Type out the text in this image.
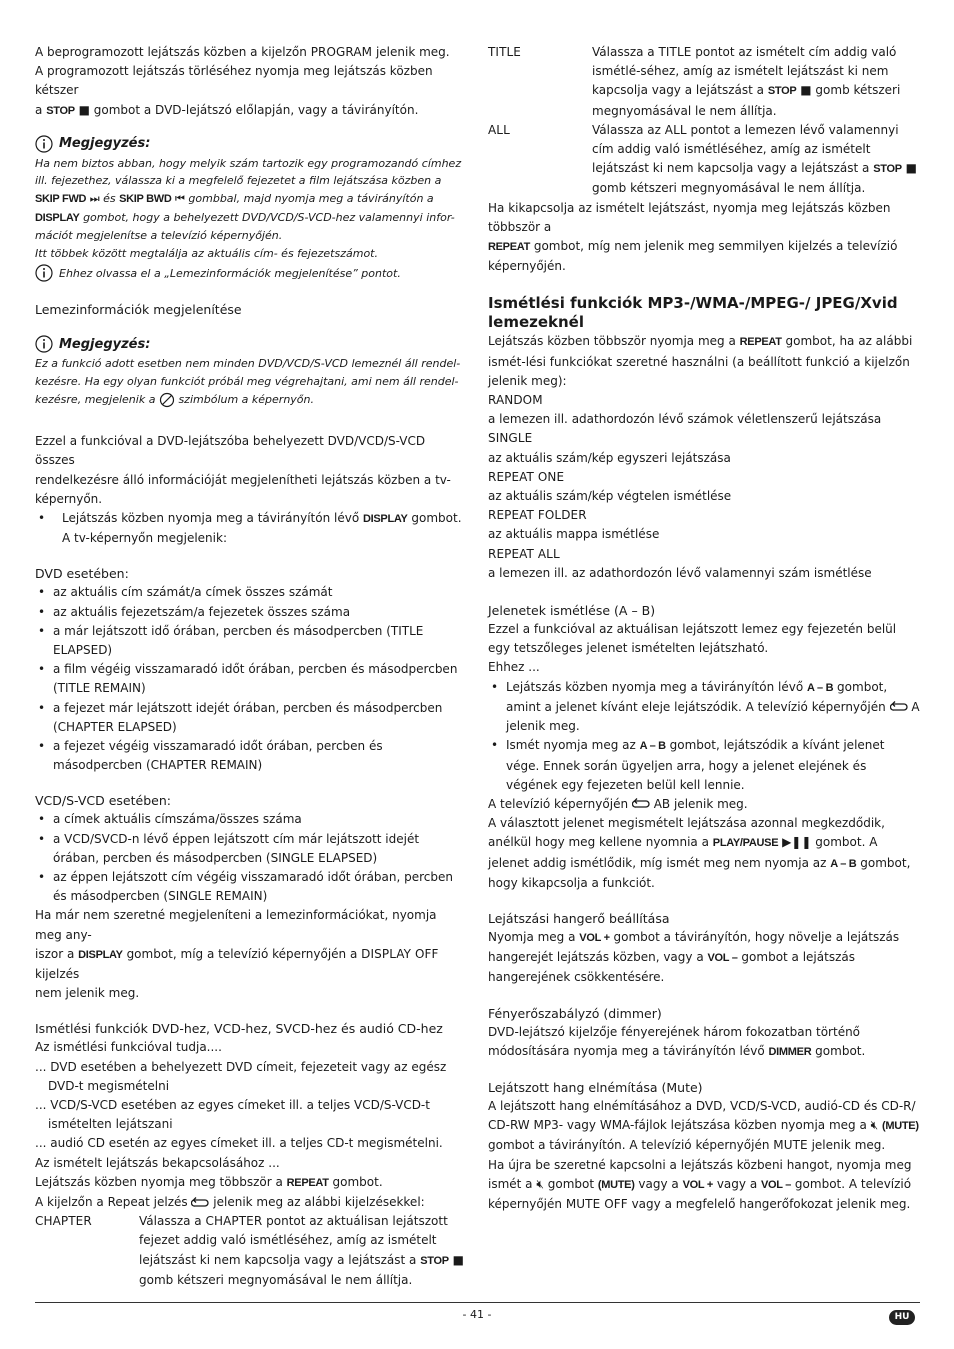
A beprogramozott lejátszás közben a kijelzőn PROGRAM jelenik meg.
A programozott lejátszás törléséhez nyomja meg lejátszás közben kétszer
a STOP ■ gombot a DVD-lejátszó előlapján, vagy a távirányítón.

Megjegyzés:
Ha nem biztos abban, hogy melyik szám tartozik egy programozandó címhez
ill. fejezethez, válassza ki a megfelelő fejezetet a film lejátszása közben a
SKIP FWD ⏭ és SKIP BWD ⏮ gombbal, majd nyomja meg a távirányítón a
DISPLAY gombot, hogy a behelyezett DVD/VCD/S-VCD-hez valamennyi infor-
mációt megjelenítse a televízió képernyőjén.
Itt többek között megtalálja az aktuális cím- és fejezetszámot.
Ehhez olvassa el a „Lemezinformációk megjelenítése” pontot.

Lemezinformációk megjelenítése

Megjegyzés:
Ez a funkció adott esetben nem minden DVD/VCD/S-VCD lemeznél áll rendel-
kezésre. Ha egy olyan funkciót próbál meg végrehajtani, ami nem áll rendel-
kezésre, megjelenik a szimbólum a képernyőn.

Ezzel a funkcióval a DVD-lejátszóba behelyezett DVD/VCD/S-VCD összes
rendelkezésre álló információját megjelenítheti lejátszás közben a tv-képernyőn.

• Lejátszás közben nyomja meg a távirányítón lévő DISPLAY gombot.
A tv-képernyőn megjelenik:

DVD esetében:

• az aktuális cím számát/a címek összes számát
• az aktuális fejezetszám/a fejezetek összes száma
• a már lejátszott idő órában, percben és másodpercben (TITLE ELAPSED)
• a film végéig visszamaradó időt órában, percben és másodpercben (TITLE REMAIN)
• a fejezet már lejátszott idejét órában, percben és másodpercben (CHAPTER ELAPSED)
• a fejezet végéig visszamaradó időt órában, percben és másodpercben (CHAPTER REMAIN)

VCD/S-VCD esetében:

• a címek aktuális címszáma/összes száma
• a VCD/SVCD-n lévő éppen lejátszott cím már lejátszott idejét órában, percben és másodpercben (SINGLE ELAPSED)
• az éppen lejátszott cím végéig visszamaradó időt órában, percben és másodpercben (SINGLE REMAIN)

Ha már nem szeretné megjeleníteni a lemezinformációkat, nyomja meg any-
iszor a DISPLAY gombot, míg a televízió képernyőjén a DISPLAY OFF kijelzés
nem jelenik meg.

Ismétlési funkciók DVD-hez, VCD-hez, SVCD-hez és audió CD-hez

Az ismétlési funkcióval tudja....

... DVD esetében a behelyezett DVD címeit, fejezeteit vagy az egész DVD-t megismételni

... VCD/S-VCD esetében az egyes címeket ill. a teljes VCD/S-VCD-t ismételten lejátszani

... audió CD esetén az egyes címeket ill. a teljes CD-t megismételni.

Az ismételt lejátszás bekapcsolásához ...

Lejátszás közben nyomja meg többször a REPEAT gombot.

A kijelzőn a Repeat jelzés jelenik meg az alábbi kijelzésekkel:

CHAPTER	Válassza a CHAPTER pontot az aktuálisan lejátszott fejezet addig való ismétléséhez, amíg az ismételt lejátszást ki nem kapcsolja vagy a lejátszást a STOP ■ gomb kétszeri megnyomásával le nem állítja.
TITLE	Válassza a TITLE pontot az ismételt cím addig való ismétlé-séhez, amíg az ismételt lejátszást ki nem kapcsolja vagy a lejátszást a STOP ■ gomb kétszeri megnyomásával le nem állítja.
ALL	Válassza az ALL pontot a lemezen lévő valamennyi cím addig való ismétléséhez, amíg az ismételt lejátszást ki nem kapcsolja vagy a lejátszást a STOP ■ gomb kétszeri megnyomásával le nem állítja.

Ha kikapcsolja az ismételt lejátszást, nyomja meg lejátszás közben többször a
REPEAT gombot, míg nem jelenik meg semmilyen kijelzés a televízió képernyőjén.

Ismétlési funkciók MP3-/WMA-/MPEG-/ JPEG/Xvid lemezeknél

Lejátszás közben többször nyomja meg a REPEAT gombot, ha az alábbi ismét-lési funkciókat szeretné használni (a beállított funkció a kijelzőn jelenik meg):

RANDOM

a lemezen ill. adathordozón lévő számok véletlenszerű lejátszása

SINGLE

az aktuális szám/kép egyszeri lejátszása

REPEAT ONE

az aktuális szám/kép végtelen ismétlése

REPEAT FOLDER

az aktuális mappa ismétlése

REPEAT ALL

a lemezen ill. az adathordozón lévő valamennyi szám ismétlése

Jelenetek ismétlése (A – B)

Ezzel a funkcióval az aktuálisan lejátszott lemez egy fejezetén belül egy tetszőleges jelenet ismételten lejátszható.

Ehhez ...

• Lejátszás közben nyomja meg a távirányítón lévő A – B gombot, amint a jelenet kívánt eleje lejátszódik. A televízió képernyőjén A jelenik meg.
• Ismét nyomja meg az A – B gombot, lejátszódik a kívánt jelenet vége. Ennek során ügyeljen arra, hogy a jelenet elejének és végének egy fejezeten belül kell lennie.

A televízió képernyőjén AB jelenik meg.

A választott jelenet megismételt lejátszása azonnal megkezdődik, anélkül hogy meg kellene nyomnia a PLAY/PAUSE ▶❚❚ gombot. A jelenet addig ismétlődik, míg ismét meg nem nyomja az A – B gombot, hogy kikapcsolja a funkciót.

Lejátszási hangerő beállítása

Nyomja meg a VOL + gombot a távirányítón, hogy növelje a lejátszás hangerejét lejátszás közben, vagy a VOL – gombot a lejátszás hangerejének csökkentésére.

Fényerőszabályzó (dimmer)

DVD-lejátszó kijelzője fényerejének három fokozatban történő módosítására nyomja meg a távirányítón lévő DIMMER gombot.

Lejátszott hang elnémítása (Mute)

A lejátszott hang elnémításához a DVD, VCD/S-VCD, audió-CD és CD-R/ CD-RW MP3- vagy WMA-fájlok lejátszása közben nyomja meg a 🔇︎ (MUTE) gombot a távirányítón. A televízió képernyőjén MUTE jelenik meg.
Ha újra be szeretné kapcsolni a lejátszás közbeni hangot, nyomja meg ismét a 🔇︎ gombot (MUTE) vagy a VOL + vagy a VOL – gombot. A televízió képernyőjén MUTE OFF vagy a megfelelő hangerőfokozat jelenik meg.

- 41 -	HU
